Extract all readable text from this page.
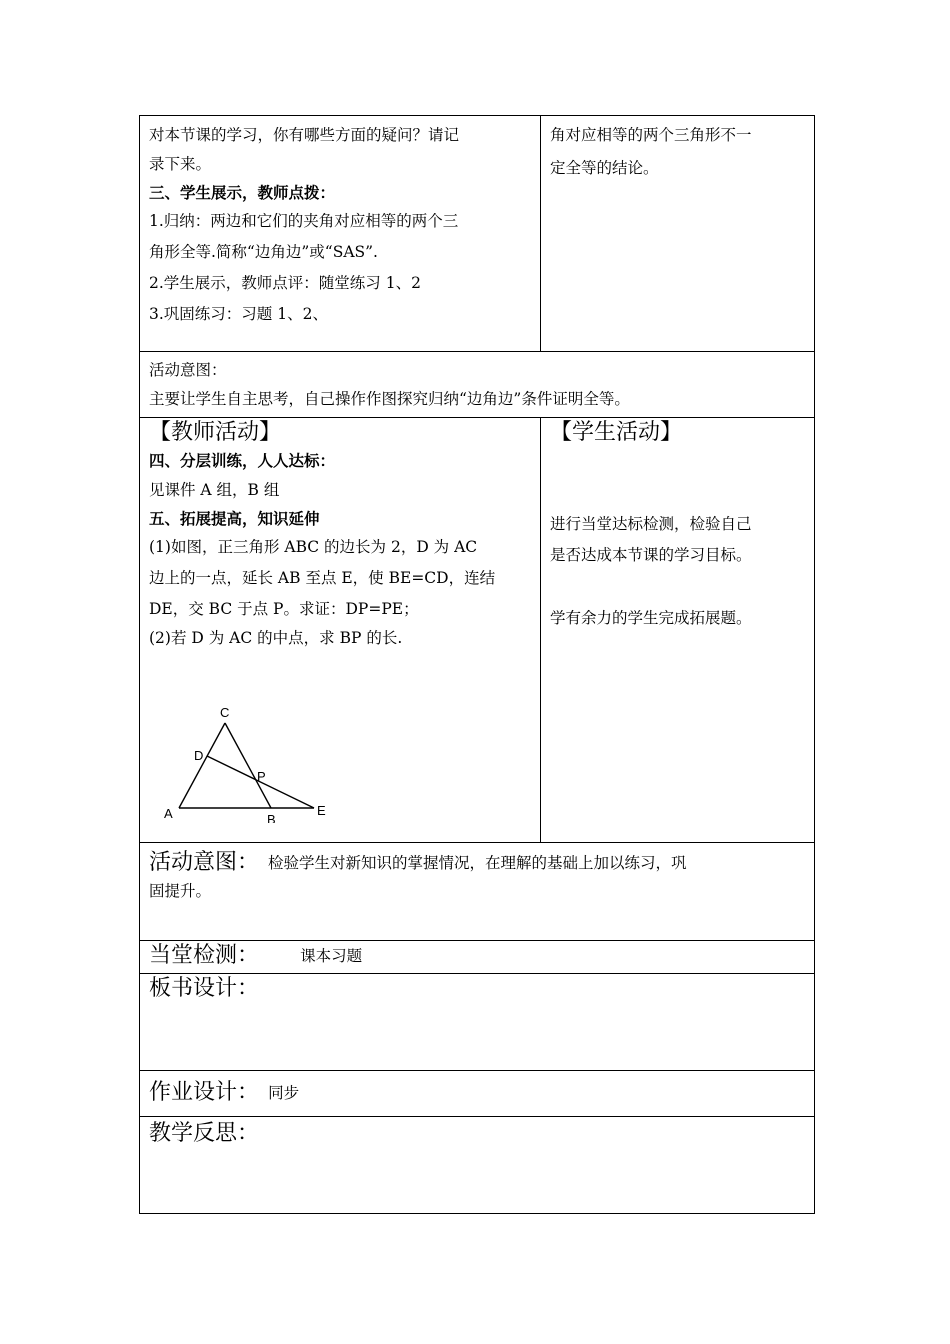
对本节课的学习，你有哪些方面的疑问？请记

录下来。

三、学生展示，教师点拨：

1.归纳：两边和它们的夹角对应相等的两个三

角形全等.简称“边角边”或“SAS”.

2.学生展示，教师点评：随堂练习 1、2

3.巩固练习：习题 1、2、

角对应相等的两个三角形不一

定全等的结论。

活动意图：

主要让学生自主思考，自己操作作图探究归纳“边角边”条件证明全等。

【教师活动】

四、分层训练，人人达标：

见课件 A 组，B 组

五、拓展提高，知识延伸

(1)如图，正三角形 ABC 的边长为 2，D 为 AC

边上的一点，延长 AB 至点 E，使 BE=CD，连结

DE，交 BC 于点 P。求证：DP=PE；

(2)若 D 为 AC 的中点，求 BP 的长.

C
D
P
A	B
E

【学生活动】

进行当堂达标检测，检验自己

是否达成本节课的学习目标。

学有余力的学生完成拓展题。

活动意图： 检验学生对新知识的掌握情况，在理解的基础上加以练习，巩

固提升。

当堂检测：	课本习题
板书设计：
作业设计： 同步
教学反思：
